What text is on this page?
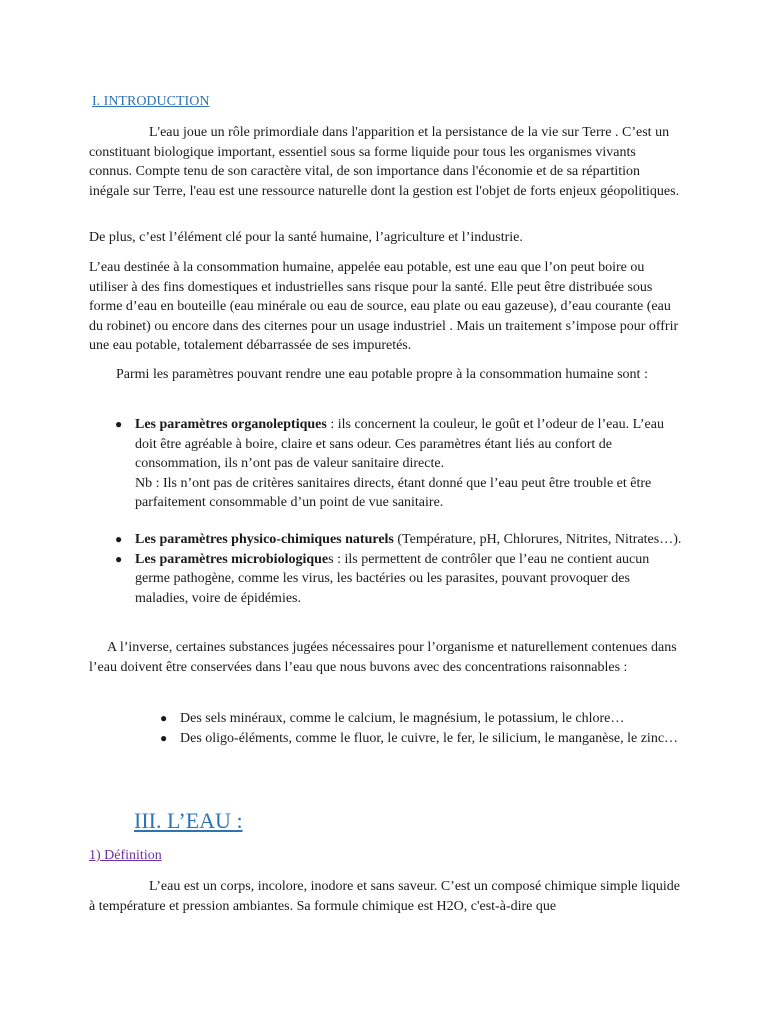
I. INTRODUCTION

L'eau joue un rôle primordiale dans l'apparition et la persistance de la vie sur Terre . C’est un constituant biologique important, essentiel sous sa forme liquide pour tous les organismes vivants connus. Compte tenu de son caractère vital, de son importance dans l'économie et de sa répartition inégale sur Terre, l'eau est une ressource naturelle dont la gestion est l'objet de forts enjeux géopolitiques.

De plus, c’est l’élément clé pour la santé humaine, l’agriculture et l’industrie.

L’eau destinée à la consommation humaine, appelée eau potable, est une eau que l’on peut boire ou utiliser à des fins domestiques et industrielles sans risque pour la santé. Elle peut être distribuée sous forme d’eau en bouteille (eau minérale ou eau de source, eau plate ou eau gazeuse), d’eau courante (eau du robinet) ou encore dans des citernes pour un usage industriel . Mais un traitement s’impose pour offrir une eau potable, totalement débarrassée de ses impuretés.

Parmi les paramètres pouvant rendre une eau potable propre à la consommation humaine sont :

● Les paramètres organoleptiques : ils concernent la couleur, le goût et l’odeur de l’eau. L’eau doit être agréable à boire, claire et sans odeur. Ces paramètres étant liés au confort de consommation, ils n’ont pas de valeur sanitaire directe.
Nb : Ils n’ont pas de critères sanitaires directs, étant donné que l’eau peut être trouble et être parfaitement consommable d’un point de vue sanitaire.
● Les paramètres physico-chimiques naturels (Température, pH, Chlorures, Nitrites, Nitrates…).
● Les paramètres microbiologiques : ils permettent de contrôler que l’eau ne contient aucun germe pathogène, comme les virus, les bactéries ou les parasites, pouvant provoquer des maladies, voire de épidémies.

A l’inverse, certaines substances jugées nécessaires pour l’organisme et naturellement contenues dans l’eau doivent être conservées dans l’eau que nous buvons avec des concentrations raisonnables :

● Des sels minéraux, comme le calcium, le magnésium, le potassium, le chlore…
● Des oligo-éléments, comme le fluor, le cuivre, le fer, le silicium, le manganèse, le zinc…
III. L’EAU :
1) Définition

L’eau est un corps, incolore, inodore et sans saveur. C’est un composé chimique simple liquide à température et pression ambiantes. Sa formule chimique est H2O, c'est-à-dire que
